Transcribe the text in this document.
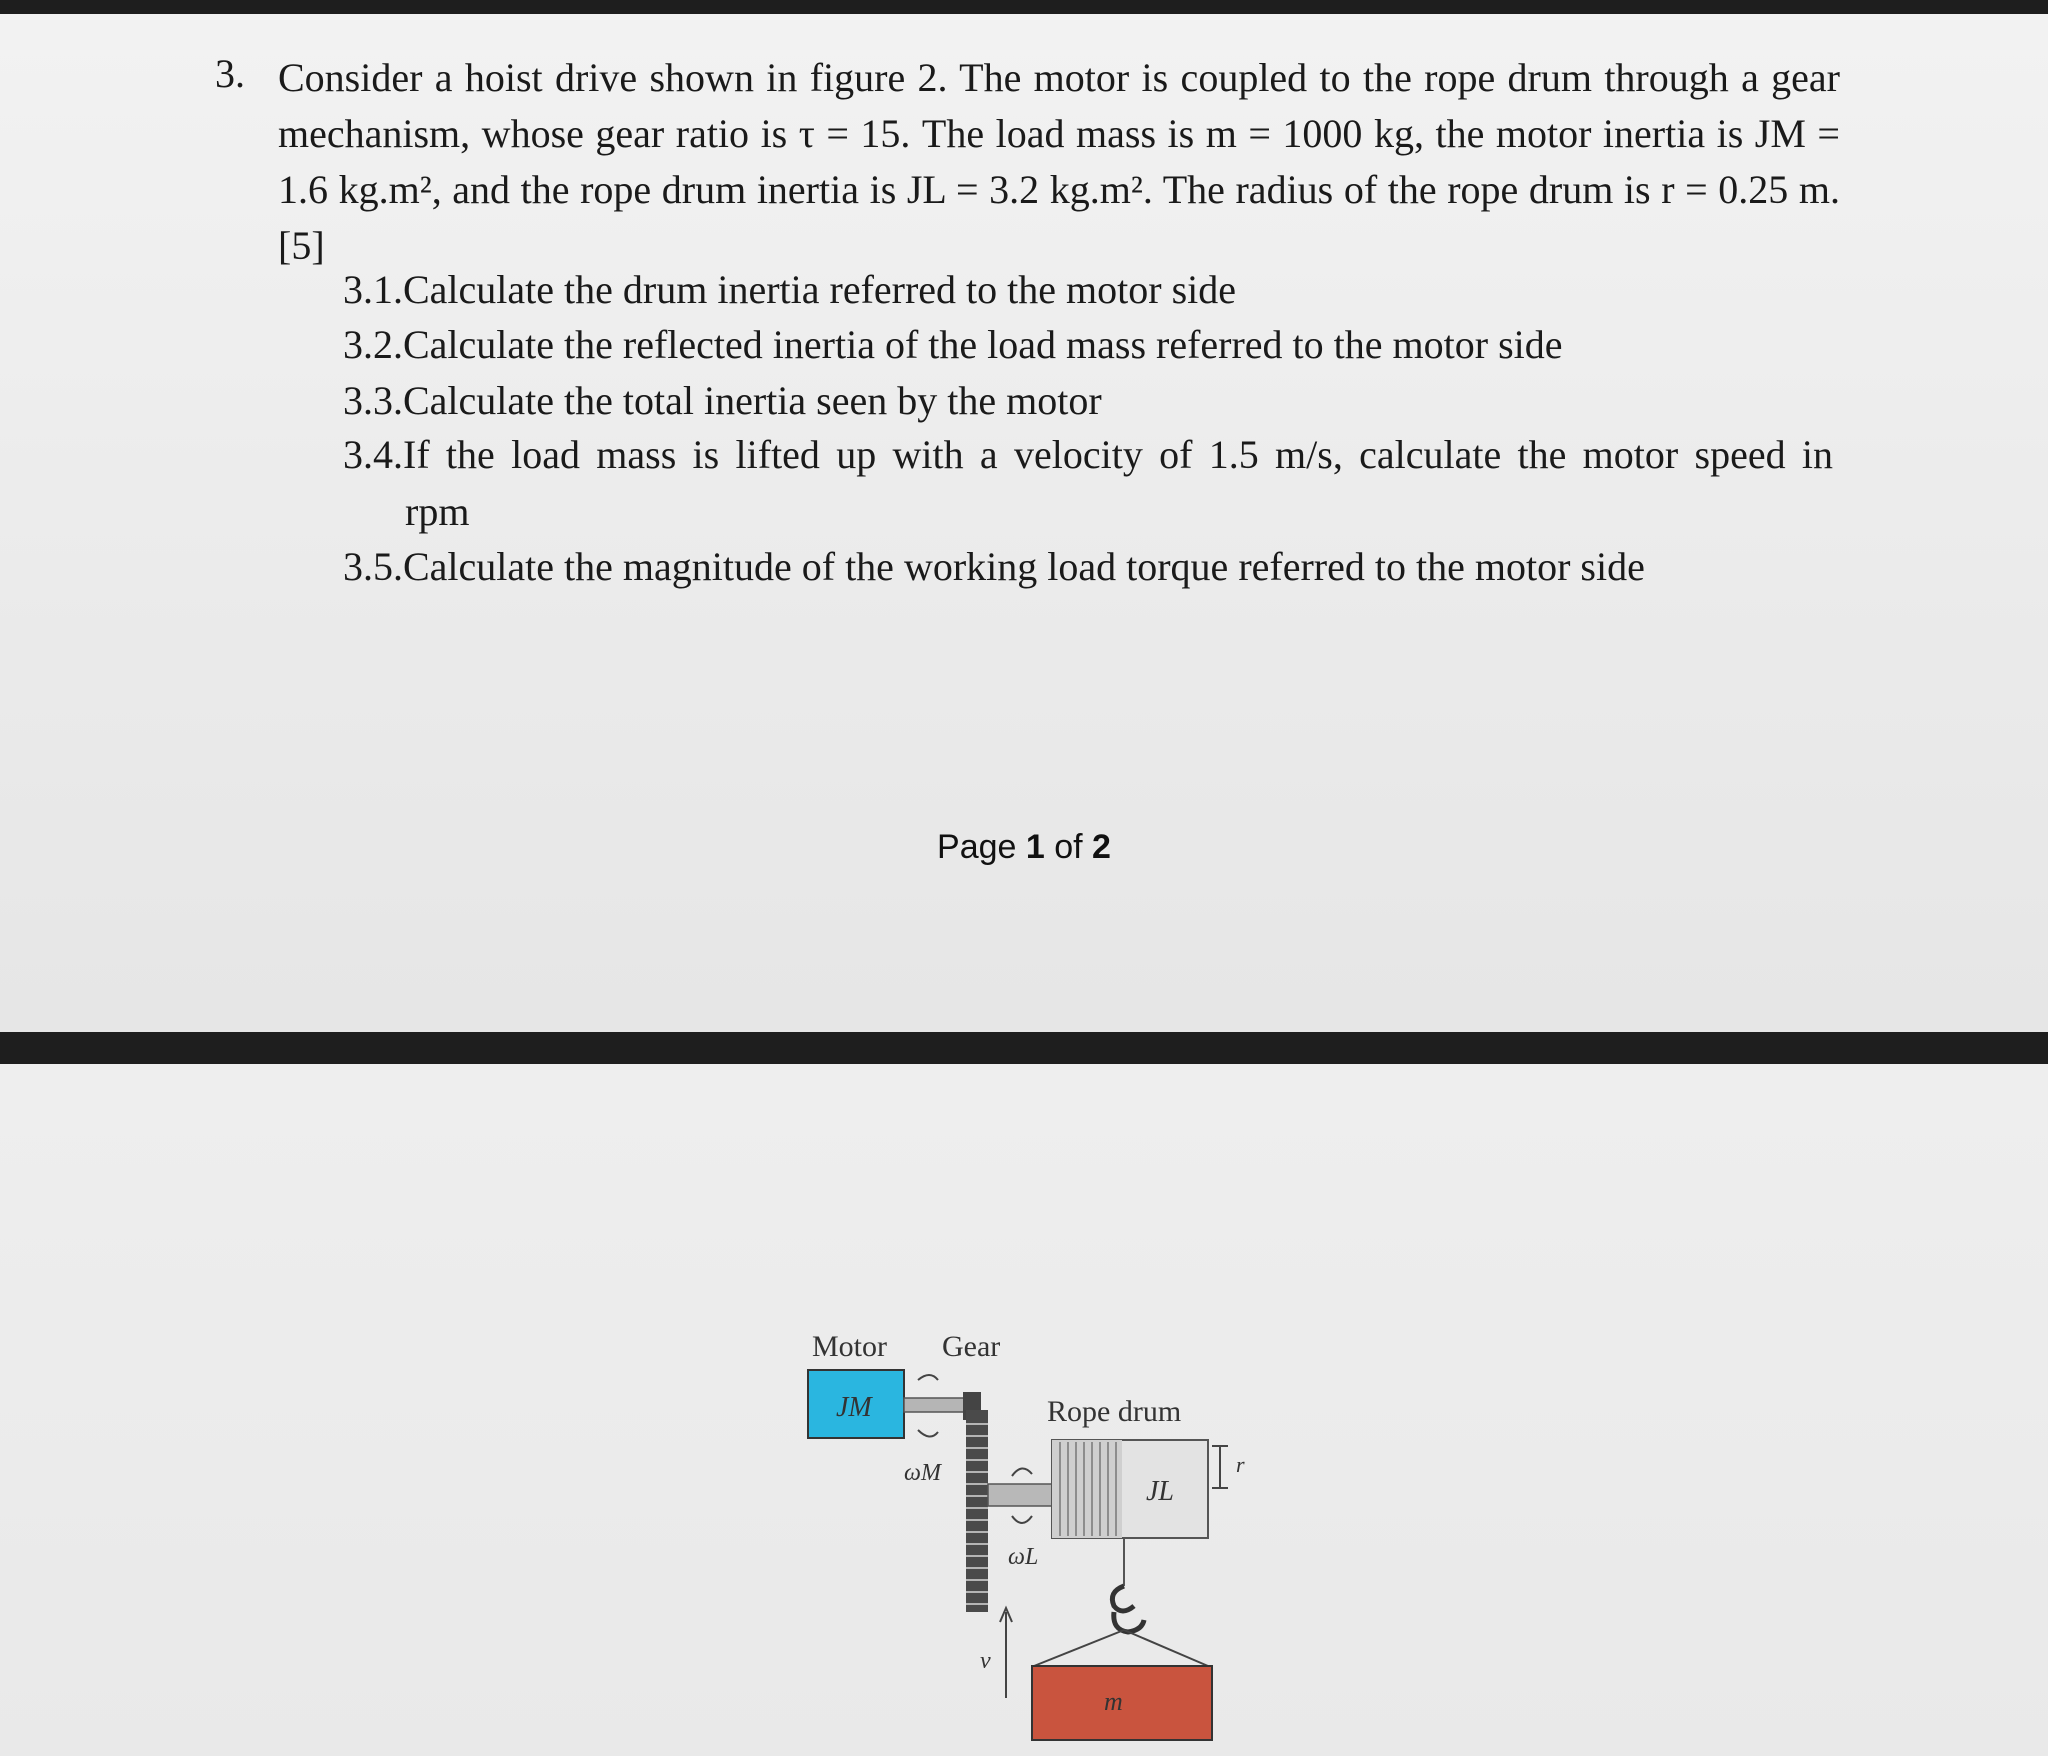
3. Consider a hoist drive shown in figure 2. The motor is coupled to the rope drum through a gear mechanism, whose gear ratio is τ = 15. The load mass is m = 1000 kg, the motor inertia is JM = 1.6 kg.m², and the rope drum inertia is JL = 3.2 kg.m². The radius of the rope drum is r = 0.25 m. [5]
3.1.Calculate the drum inertia referred to the motor side
3.2.Calculate the reflected inertia of the load mass referred to the motor side
3.3.Calculate the total inertia seen by the motor
3.4.If the load mass is lifted up with a velocity of 1.5 m/s, calculate the motor speed in
rpm
3.5.Calculate the magnitude of the working load torque referred to the motor side
Page 1 of 2
Motor Gear
Rope drum
JM
ωM
ωL
JL
r
v
m
